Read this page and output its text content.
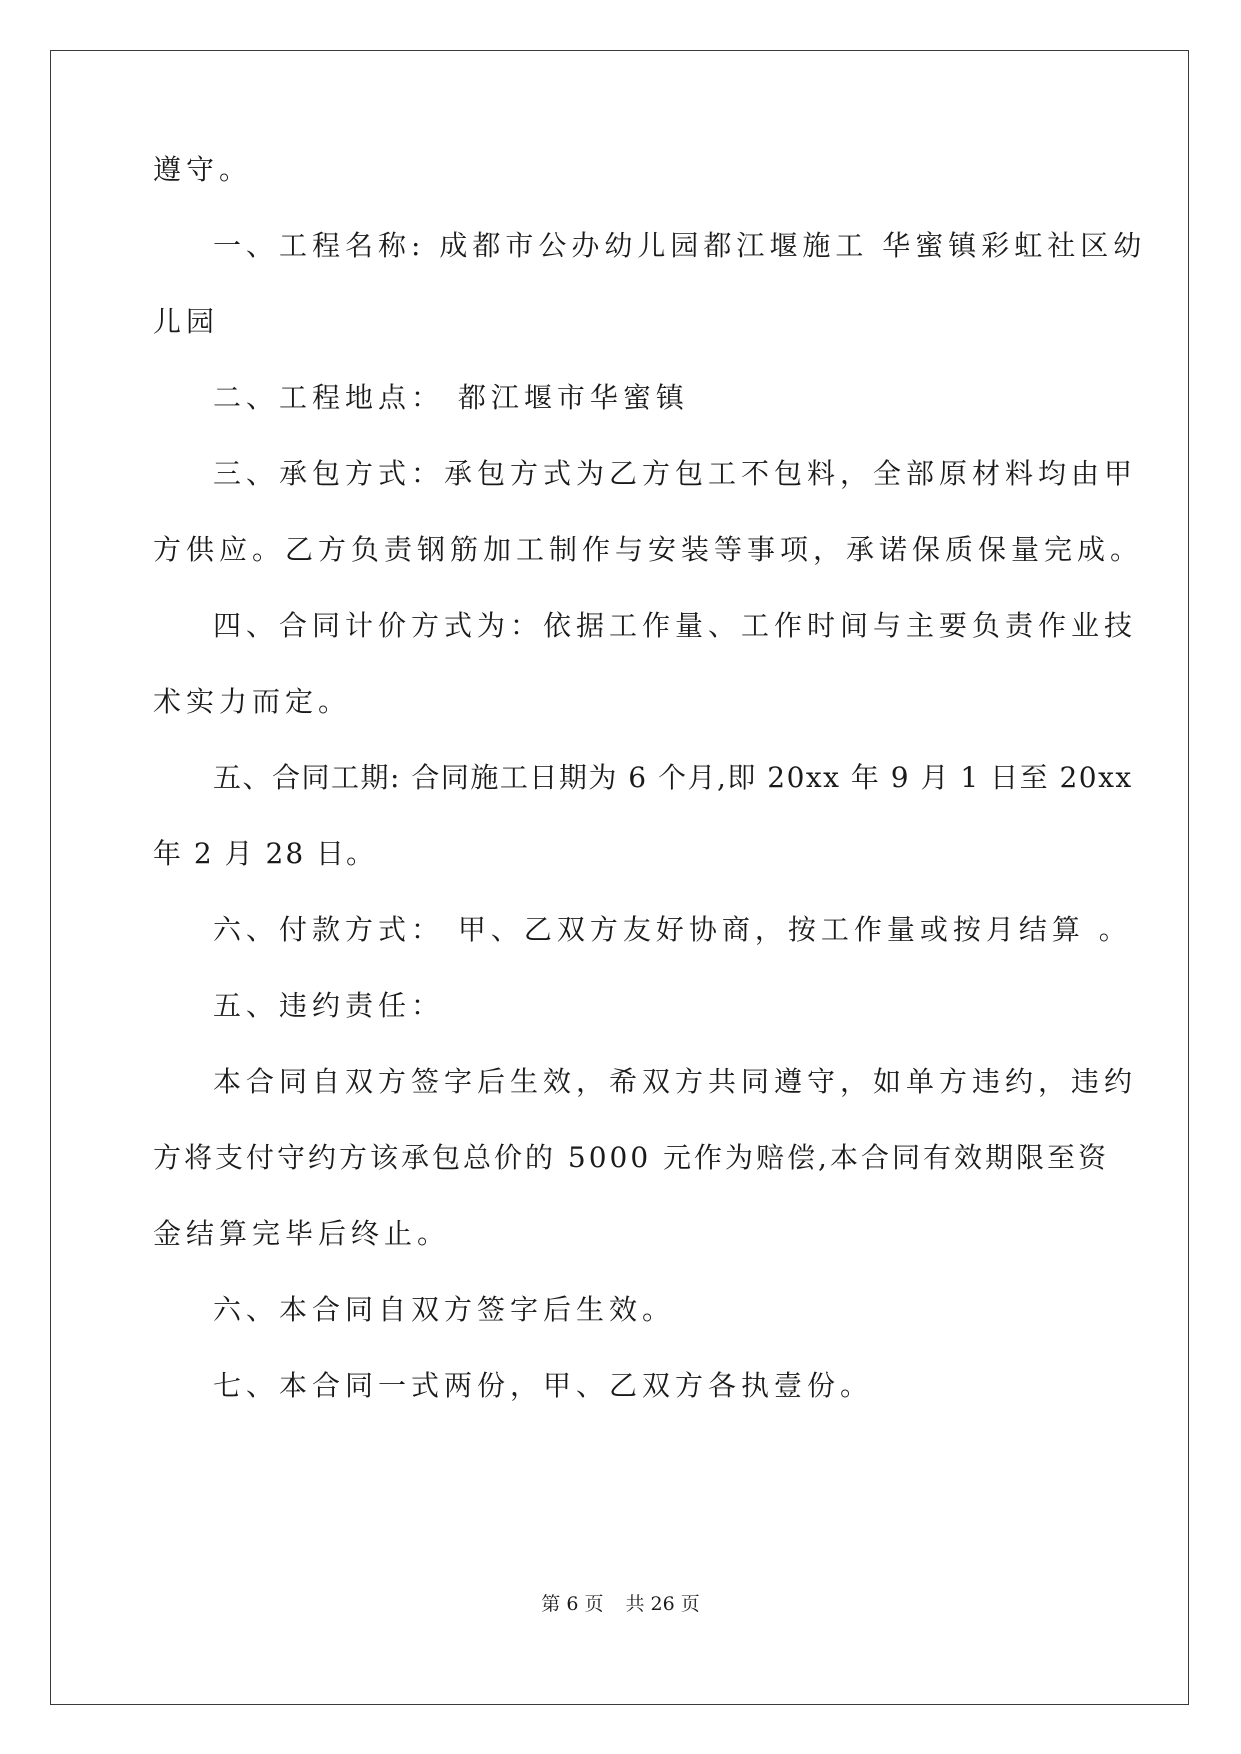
遵守。
一、工程名称: 成都市公办幼儿园都江堰施工 华蜜镇彩虹社区幼
儿园
二、工程地点： 都江堰市华蜜镇
三、承包方式：承包方式为乙方包工不包料，全部原材料均由甲
方供应。乙方负责钢筋加工制作与安装等事项，承诺保质保量完成。
四、合同计价方式为：依据工作量、工作时间与主要负责作业技
术实力而定。
五、合同工期: 合同施工日期为 6 个月,即 20xx 年 9 月 1 日至 20xx
年 2 月 28 日。
六、付款方式： 甲、乙双方友好协商，按工作量或按月结算 。
五、违约责任：
本合同自双方签字后生效，希双方共同遵守，如单方违约，违约
方将支付守约方该承包总价的 5000 元作为赔偿,本合同有效期限至资
金结算完毕后终止。
六、本合同自双方签字后生效。
七、本合同一式两份，甲、乙双方各执壹份。
第 6 页 共 26 页
